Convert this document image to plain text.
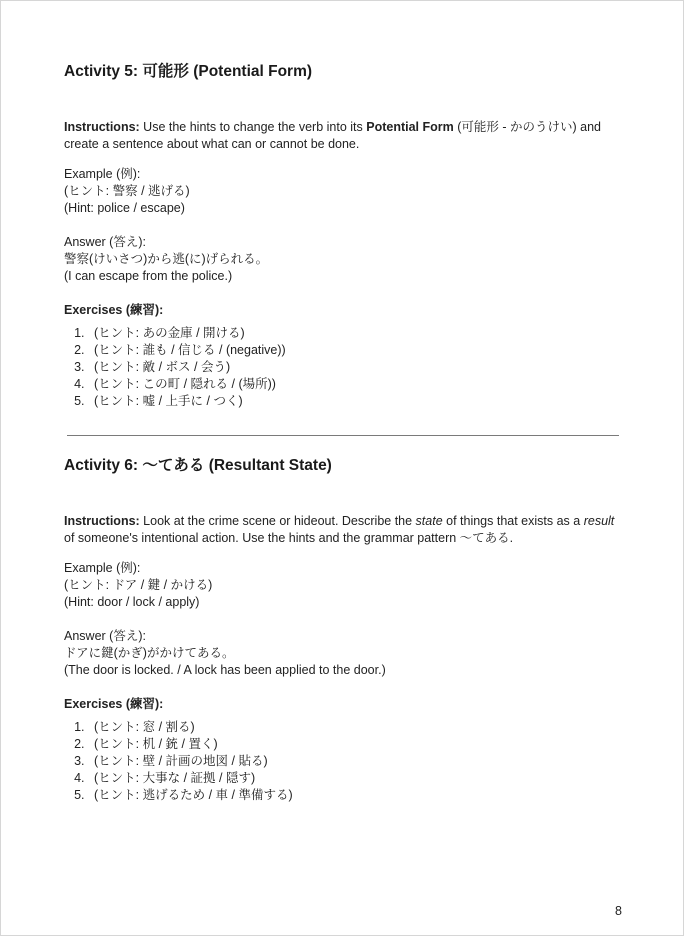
Activity 5: 可能形 (Potential Form)

Instructions: Use the hints to change the verb into its Potential Form (可能形 - かのうけい) and create a sentence about what can or cannot be done.

Example (例):

(ヒント: 警察 / 逃げる)

(Hint: police / escape)

Answer (答え):

警察(けいさつ)から逃(に)げられる。

(I can escape from the police.)

Exercises (練習):
1. (ヒント: あの金庫 / 開ける)
2. (ヒント: 誰も / 信じる / (negative))
3. (ヒント: 敵 / ボス / 会う)
4. (ヒント: この町 / 隠れる / (場所))
5. (ヒント: 嘘 / 上手に / つく)
Activity 6: ～てある (Resultant State)

Instructions: Look at the crime scene or hideout. Describe the state of things that exists as a result of someone's intentional action. Use the hints and the grammar pattern ～てある.

Example (例):

(ヒント: ドア / 鍵 / かける)

(Hint: door / lock / apply)

Answer (答え):

ドアに鍵(かぎ)がかけてある。

(The door is locked. / A lock has been applied to the door.)

Exercises (練習):
1. (ヒント: 窓 / 割る)
2. (ヒント: 机 / 銃 / 置く)
3. (ヒント: 壁 / 計画の地図 / 貼る)
4. (ヒント: 大事な / 証拠 / 隠す)
5. (ヒント: 逃げるため / 車 / 準備する)
8
